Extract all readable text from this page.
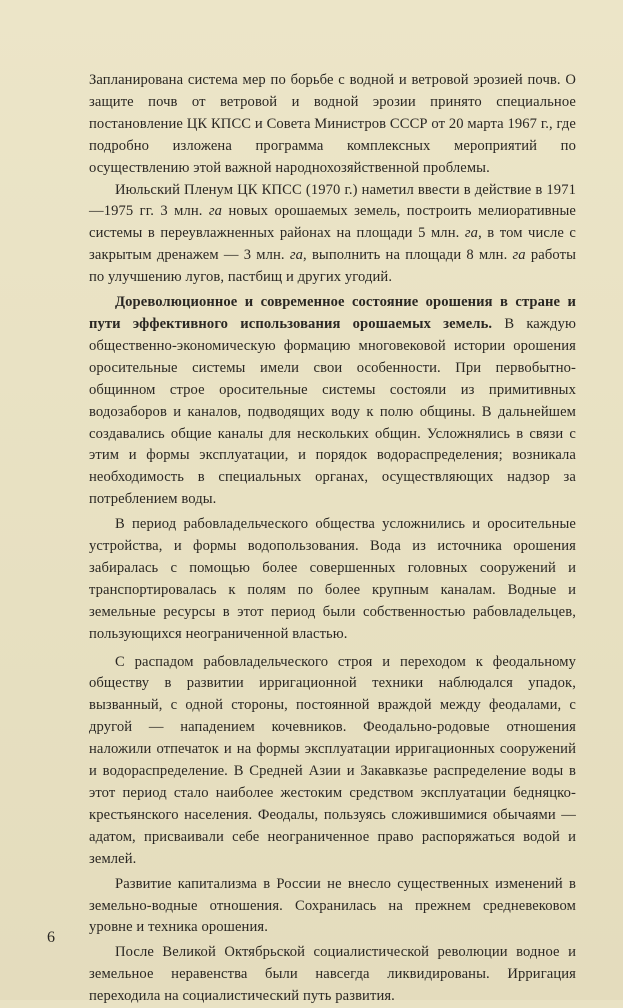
Запланирована система мер по борьбе с водной и ветровой эрозией почв. О защите почв от ветровой и водной эрозии принято специальное постановление ЦК КПСС и Совета Министров СССР от 20 марта 1967 г., где подробно изложена программа комплексных мероприятий по осуществлению этой важной народнохозяйственной проблемы.

Июльский Пленум ЦК КПСС (1970 г.) наметил ввести в действие в 1971—1975 гг. 3 млн. га новых орошаемых земель, построить мелиоративные системы в переувлажненных районах на площади 5 млн. га, в том числе с закрытым дренажем — 3 млн. га, выполнить на площади 8 млн. га работы по улучшению лугов, пастбищ и других угодий.

Дореволюционное и современное состояние орошения в стране и пути эффективного использования орошаемых земель. В каждую общественно-экономическую формацию многовековой истории орошения оросительные системы имели свои особенности. При первобытно-общинном строе оросительные системы состояли из примитивных водозаборов и каналов, подводящих воду к полю общины. В дальнейшем создавались общие каналы для нескольких общин. Усложнялись в связи с этим и формы эксплуатации, и порядок водораспределения; возникала необходимость в специальных органах, осуществляющих надзор за потреблением воды.

В период рабовладельческого общества усложнились и оросительные устройства, и формы водопользования. Вода из источника орошения забиралась с помощью более совершенных головных сооружений и транспортировалась к полям по более крупным каналам. Водные и земельные ресурсы в этот период были собственностью рабовладельцев, пользующихся неограниченной властью.

С распадом рабовладельческого строя и переходом к феодальному обществу в развитии ирригационной техники наблюдался упадок, вызванный, с одной стороны, постоянной враждой между феодалами, с другой — нападением кочевников. Феодально-родовые отношения наложили отпечаток и на формы эксплуатации ирригационных сооружений и водораспределение. В Средней Азии и Закавказье распределение воды в этот период стало наиболее жестоким средством эксплуатации бедняцко-крестьянского населения. Феодалы, пользуясь сложившимися обычаями — адатом, присваивали себе неограниченное право распоряжаться водой и землей.

Развитие капитализма в России не внесло существенных изменений в земельно-водные отношения. Сохранилась на прежнем средневековом уровне и техника орошения.

После Великой Октябрьской социалистической революции водное и земельное неравенства были навсегда ликвидированы. Ирригация переходила на социалистический путь развития.

6
